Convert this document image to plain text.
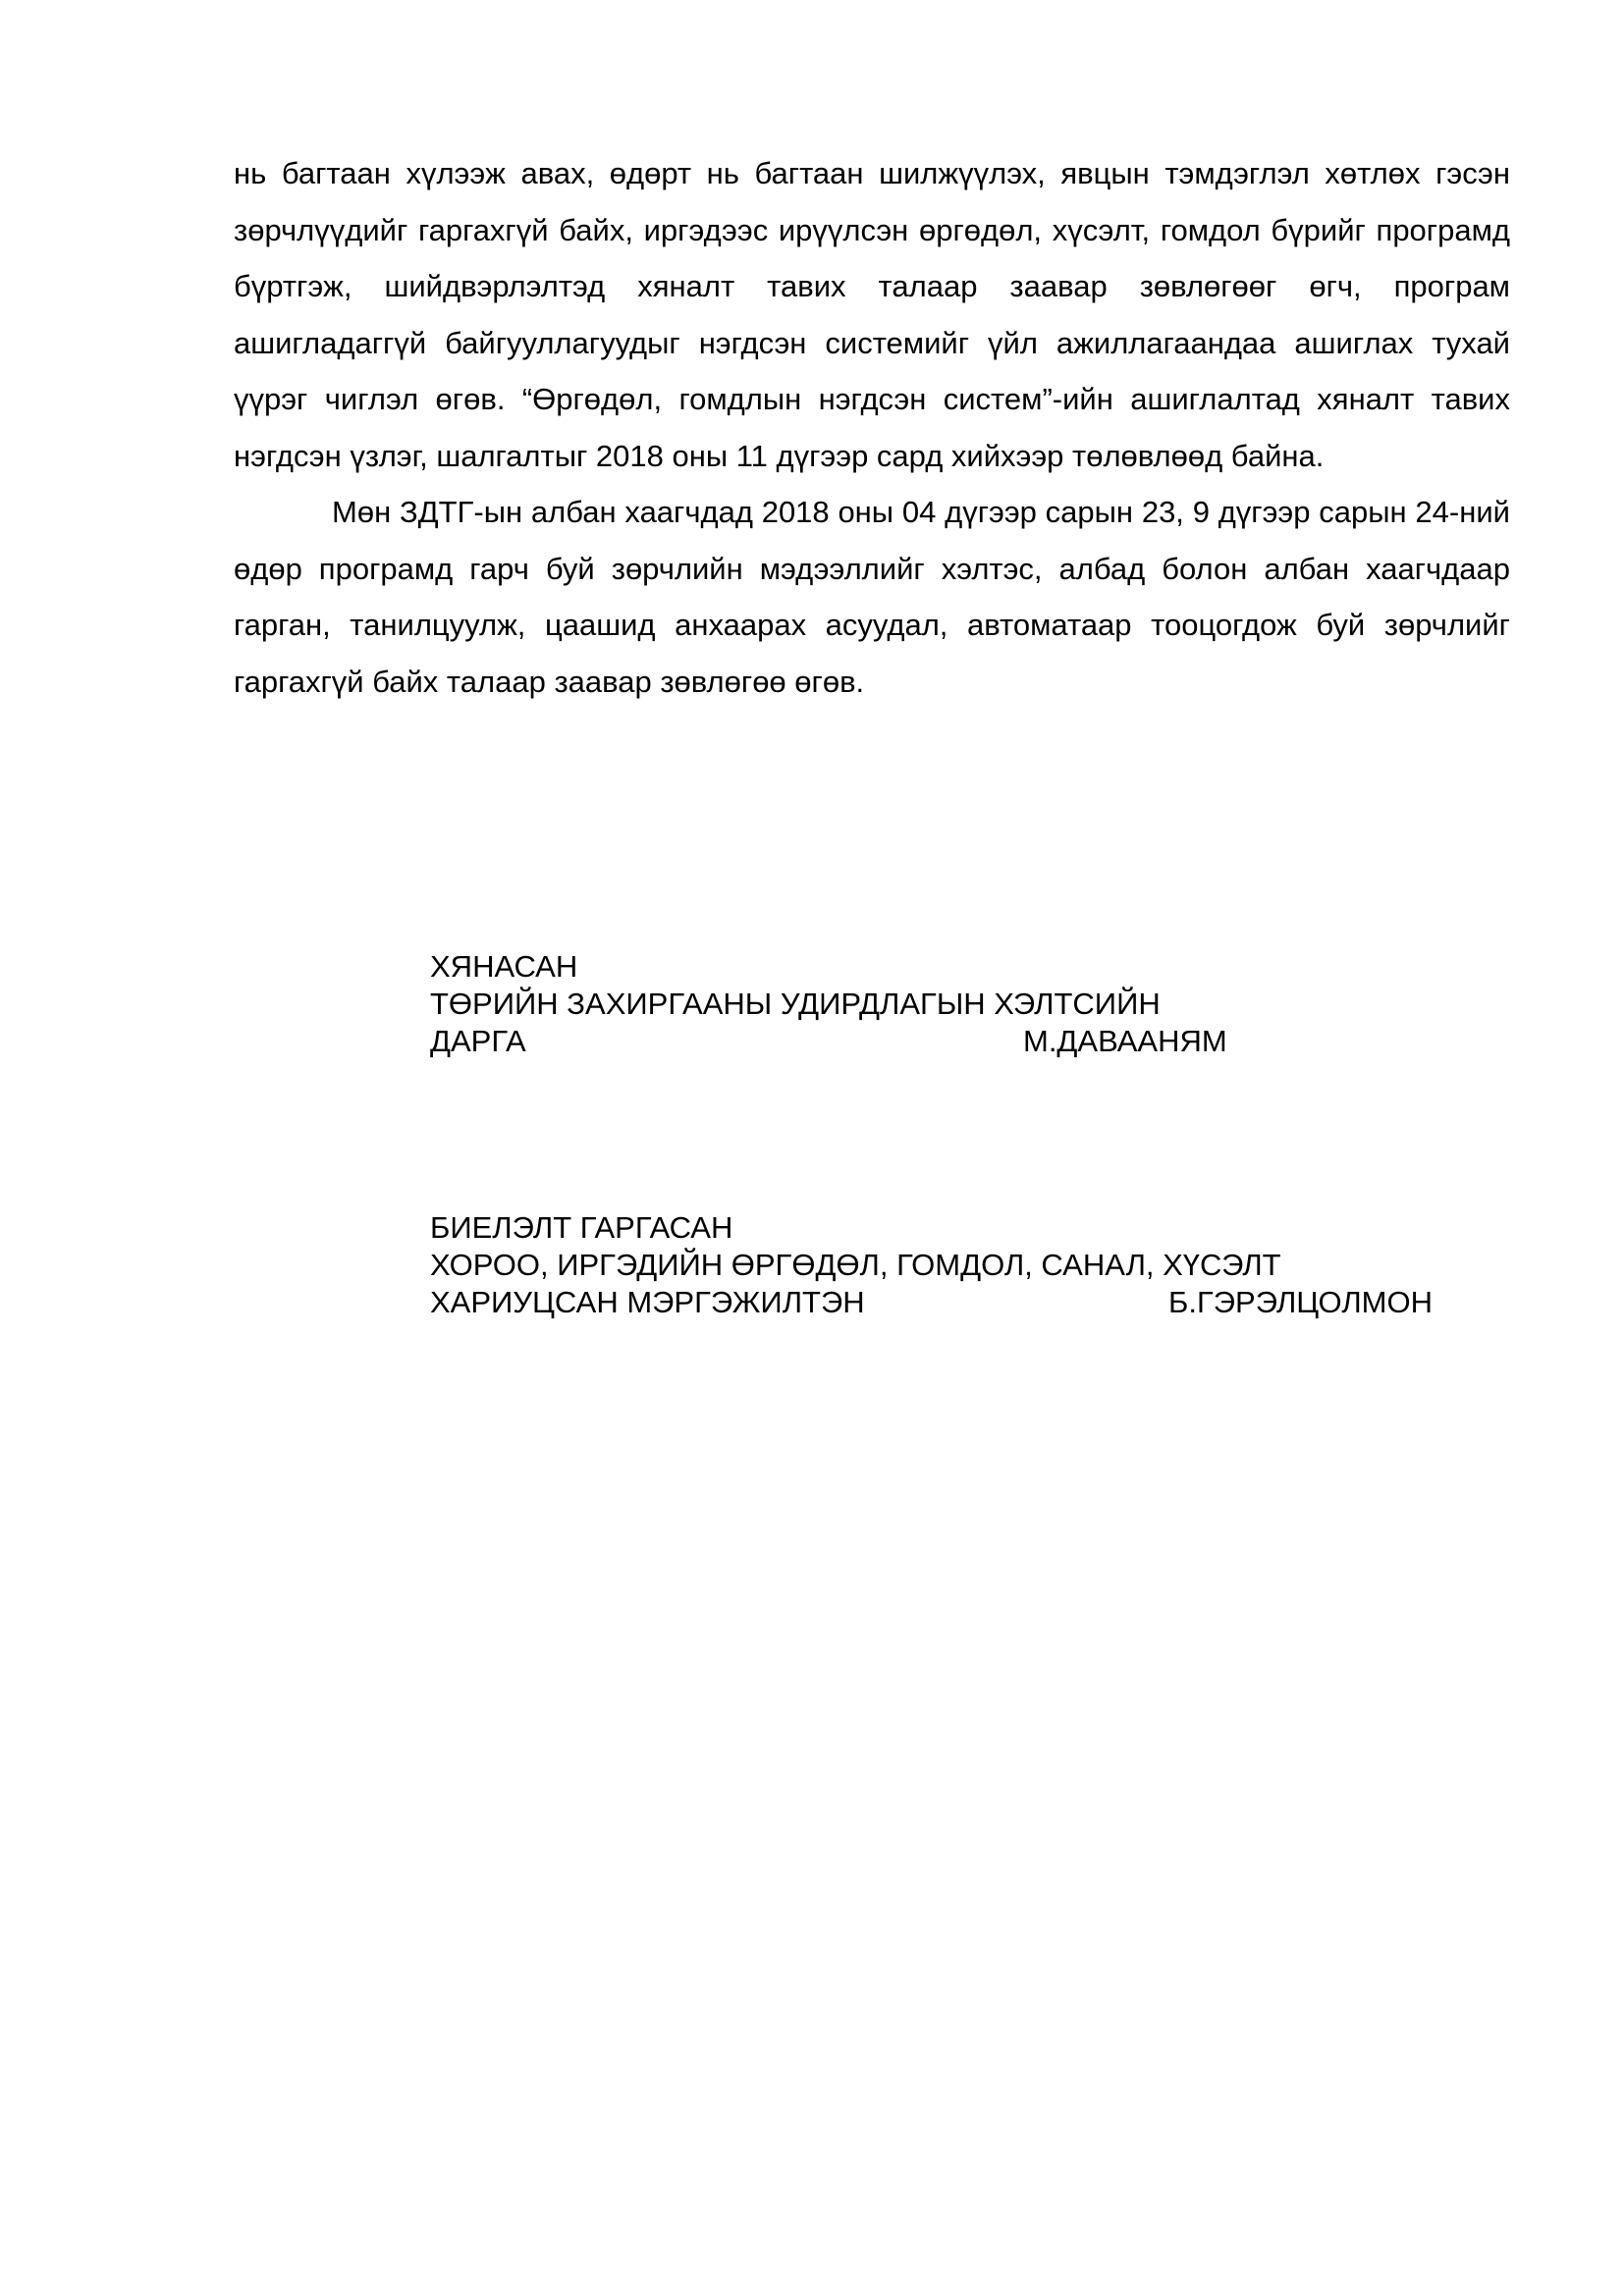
нь багтаан хүлээж авах, өдөрт нь багтаан шилжүүлэх, явцын тэмдэглэл хөтлөх гэсэн зөрчлүүдийг гаргахгүй байх, иргэдээс ирүүлсэн өргөдөл, хүсэлт, гомдол бүрийг програмд бүртгэж, шийдвэрлэлтэд хяналт тавих талаар заавар зөвлөгөөг өгч, програм ашигладаггүй байгууллагуудыг нэгдсэн системийг үйл ажиллагаандаа ашиглах тухай үүрэг чиглэл өгөв. “Өргөдөл, гомдлын нэгдсэн систем”-ийн ашиглалтад хяналт тавих нэгдсэн үзлэг, шалгалтыг 2018 оны 11 дүгээр сард хийхээр төлөвлөөд байна.

Мөн ЗДТГ-ын албан хаагчдад 2018 оны 04 дүгээр сарын 23, 9 дүгээр сарын 24-ний өдөр програмд гарч буй зөрчлийн мэдээллийг хэлтэс, албад болон албан хаагчдаар гарган, танилцуулж, цаашид анхаарах асуудал, автоматаар тооцогдож буй зөрчлийг гаргахгүй байх талаар заавар зөвлөгөө өгөв.

ХЯНАСАН
ТӨРИЙН ЗАХИРГААНЫ УДИРДЛАГЫН ХЭЛТСИЙН
ДАРГА	М.ДАВААНЯМ
БИЕЛЭЛТ ГАРГАСАН
ХОРОО, ИРГЭДИЙН ӨРГӨДӨЛ, ГОМДОЛ, САНАЛ, ХҮСЭЛТ
ХАРИУЦСАН МЭРГЭЖИЛТЭН	Б.ГЭРЭЛЦОЛМОН
